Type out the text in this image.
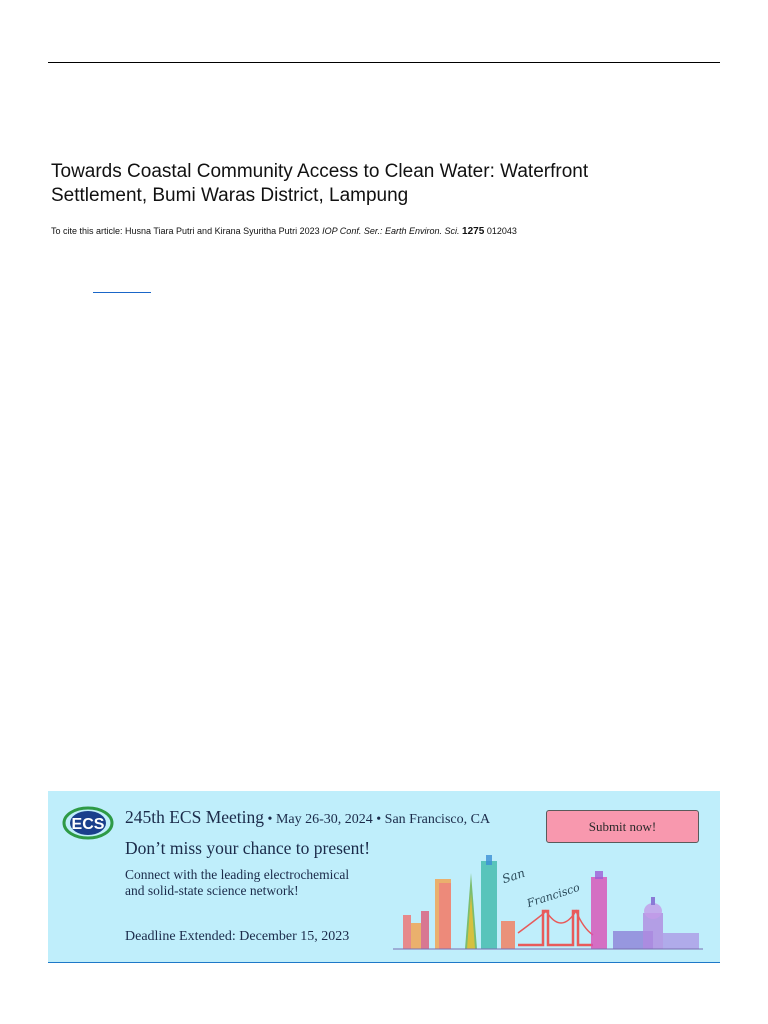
Towards Coastal Community Access to Clean Water: Waterfront
Settlement, Bumi Waras District, Lampung
To cite this article: Husna Tiara Putri and Kirana Syuritha Putri 2023 IOP Conf. Ser.: Earth Environ. Sci. 1275 012043
ECS 245th ECS Meeting • May 26-30, 2024 • San Francisco, CA
Don’t miss your chance to present!
Connect with the leading electrochemical
and solid-state science network!
Deadline Extended: December 15, 2023
Submit now!
San
Francisco
